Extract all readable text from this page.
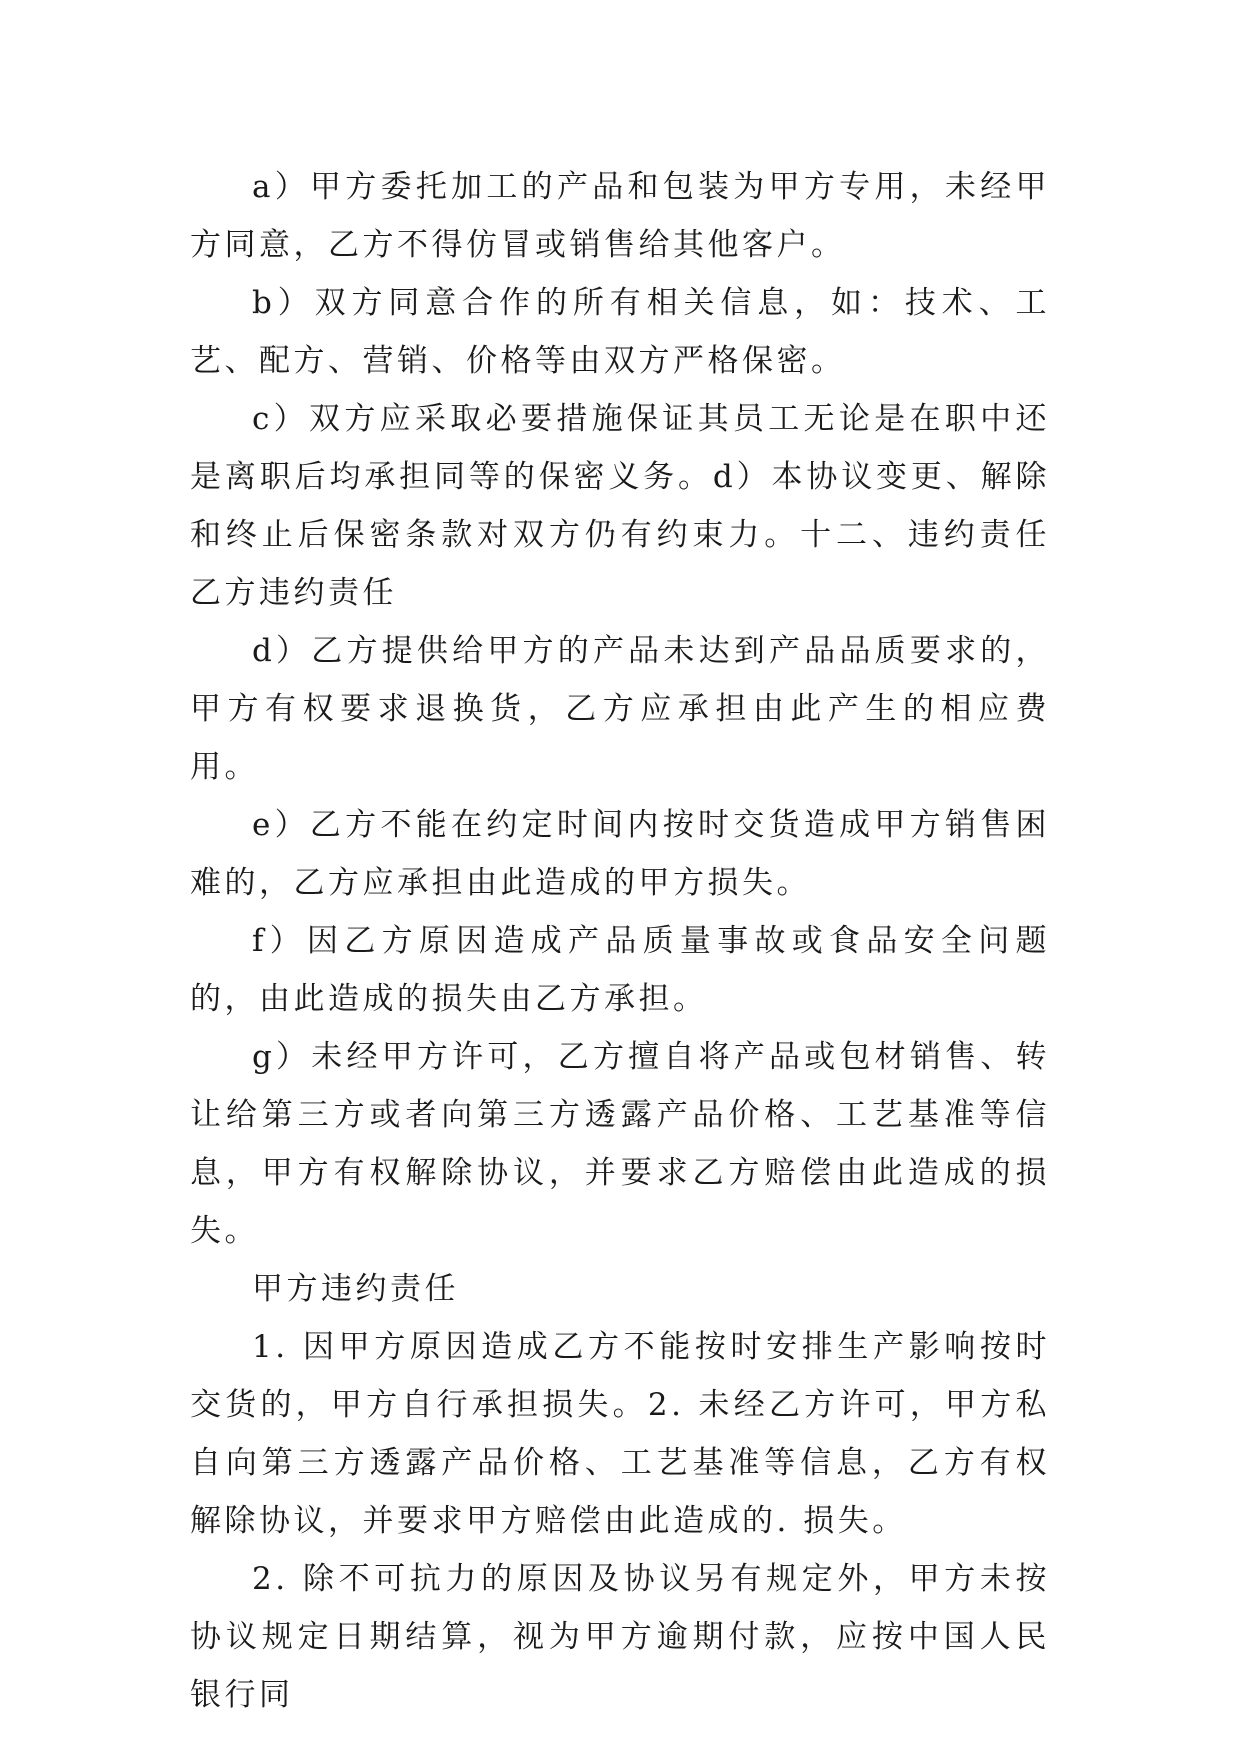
a）甲方委托加工的产品和包装为甲方专用，未经甲方同意，乙方不得仿冒或销售给其他客户。

b）双方同意合作的所有相关信息，如：技术、工艺、配方、营销、价格等由双方严格保密。

c）双方应采取必要措施保证其员工无论是在职中还是离职后均承担同等的保密义务。d）本协议变更、解除和终止后保密条款对双方仍有约束力。十二、违约责任乙方违约责任

d）乙方提供给甲方的产品未达到产品品质要求的，甲方有权要求退换货，乙方应承担由此产生的相应费用。

e）乙方不能在约定时间内按时交货造成甲方销售困难的，乙方应承担由此造成的甲方损失。

f）因乙方原因造成产品质量事故或食品安全问题的，由此造成的损失由乙方承担。

g）未经甲方许可，乙方擅自将产品或包材销售、转让给第三方或者向第三方透露产品价格、工艺基准等信息，甲方有权解除协议，并要求乙方赔偿由此造成的损失。

甲方违约责任

1. 因甲方原因造成乙方不能按时安排生产影响按时交货的，甲方自行承担损失。2. 未经乙方许可，甲方私自向第三方透露产品价格、工艺基准等信息，乙方有权解除协议，并要求甲方赔偿由此造成的. 损失。

2. 除不可抗力的原因及协议另有规定外，甲方未按协议规定日期结算，视为甲方逾期付款，应按中国人民银行同
